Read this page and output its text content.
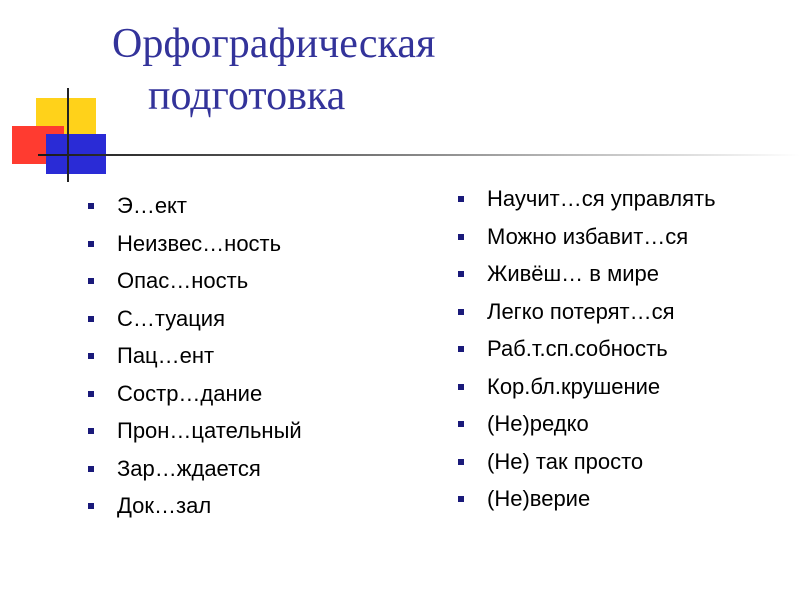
Орфографическая
подготовка
Э…ект
Неизвес…ность
Опас…ность
С…туация
Пац…ент
Состр…дание
Прон…цательный
Зар…ждается
Док…зал
Научит…ся управлять
Можно избавит…ся
Живёш… в мире
Легко потерят…ся
Раб.т.сп.собность
Кор.бл.крушение
(Не)редко
(Не) так просто
(Не)верие
